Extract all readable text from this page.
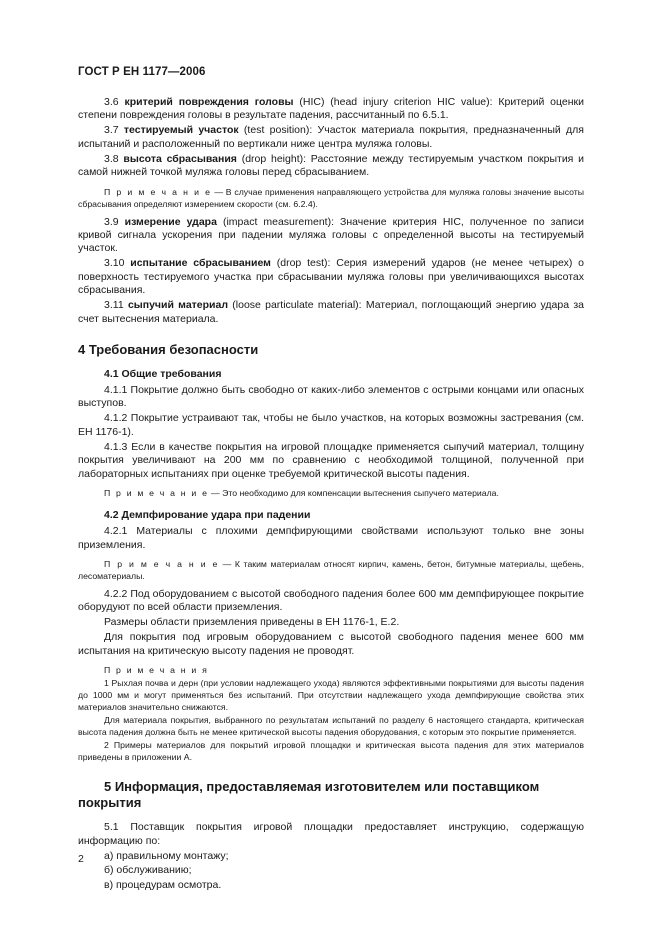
ГОСТ Р ЕН 1177—2006

3.6 критерий повреждения головы (HIC) (head injury criterion HIC value): Критерий оценки степени повреждения головы в результате падения, рассчитанный по 6.5.1.

3.7 тестируемый участок (test position): Участок материала покрытия, предназначенный для испытаний и расположенный по вертикали ниже центра муляжа головы.

3.8 высота сбрасывания (drop height): Расстояние между тестируемым участком покрытия и самой нижней точкой муляжа головы перед сбрасыванием.

П р и м е ч а н и е — В случае применения направляющего устройства для муляжа головы значение высоты сбрасывания определяют измерением скорости (см. 6.2.4).

3.9 измерение удара (impact measurement): Значение критерия HIC, полученное по записи кривой сигнала ускорения при падении муляжа головы с определенной высоты на тестируемый участок.

3.10 испытание сбрасыванием (drop test): Серия измерений ударов (не менее четырех) о поверхность тестируемого участка при сбрасывании муляжа головы при увеличивающихся высотах сбрасывания.

3.11 сыпучий материал (loose particulate material): Материал, поглощающий энергию удара за счет вытеснения материала.

4 Требования безопасности
4.1 Общие требования

4.1.1 Покрытие должно быть свободно от каких-либо элементов с острыми концами или опасных выступов.

4.1.2 Покрытие устраивают так, чтобы не было участков, на которых возможны застревания (см. ЕН 1176-1).

4.1.3 Если в качестве покрытия на игровой площадке применяется сыпучий материал, толщину покрытия увеличивают на 200 мм по сравнению с необходимой толщиной, полученной при лабораторных испытаниях при оценке требуемой критической высоты падения.

П р и м е ч а н и е — Это необходимо для компенсации вытеснения сыпучего материала.

4.2 Демпфирование удара при падении

4.2.1 Материалы с плохими демпфирующими свойствами используют только вне зоны приземления.

П р и м е ч а н и е — К таким материалам относят кирпич, камень, бетон, битумные материалы, щебень, лесоматериалы.

4.2.2 Под оборудованием с высотой свободного падения более 600 мм демпфирующее покрытие оборудуют по всей области приземления.

Размеры области приземления приведены в ЕН 1176-1, Е.2.

Для покрытия под игровым оборудованием с высотой свободного падения менее 600 мм испытания на критическую высоту падения не проводят.

П р и м е ч а н и я

1 Рыхлая почва и дерн (при условии надлежащего ухода) являются эффективными покрытиями для высоты падения до 1000 мм и могут применяться без испытаний. При отсутствии надлежащего ухода демпфирующие свойства этих материалов значительно снижаются.

Для материала покрытия, выбранного по результатам испытаний по разделу 6 настоящего стандарта, критическая высота падения должна быть не менее критической высоты падения оборудования, с которым это покрытие применяется.

2 Примеры материалов для покрытий игровой площадки и критическая высота падения для этих материалов приведены в приложении А.

5 Информация, предоставляемая изготовителем или поставщиком покрытия

5.1 Поставщик покрытия игровой площадки предоставляет инструкцию, содержащую информацию по:

а) правильному монтажу;

б) обслуживанию;

в) процедурам осмотра.

2
